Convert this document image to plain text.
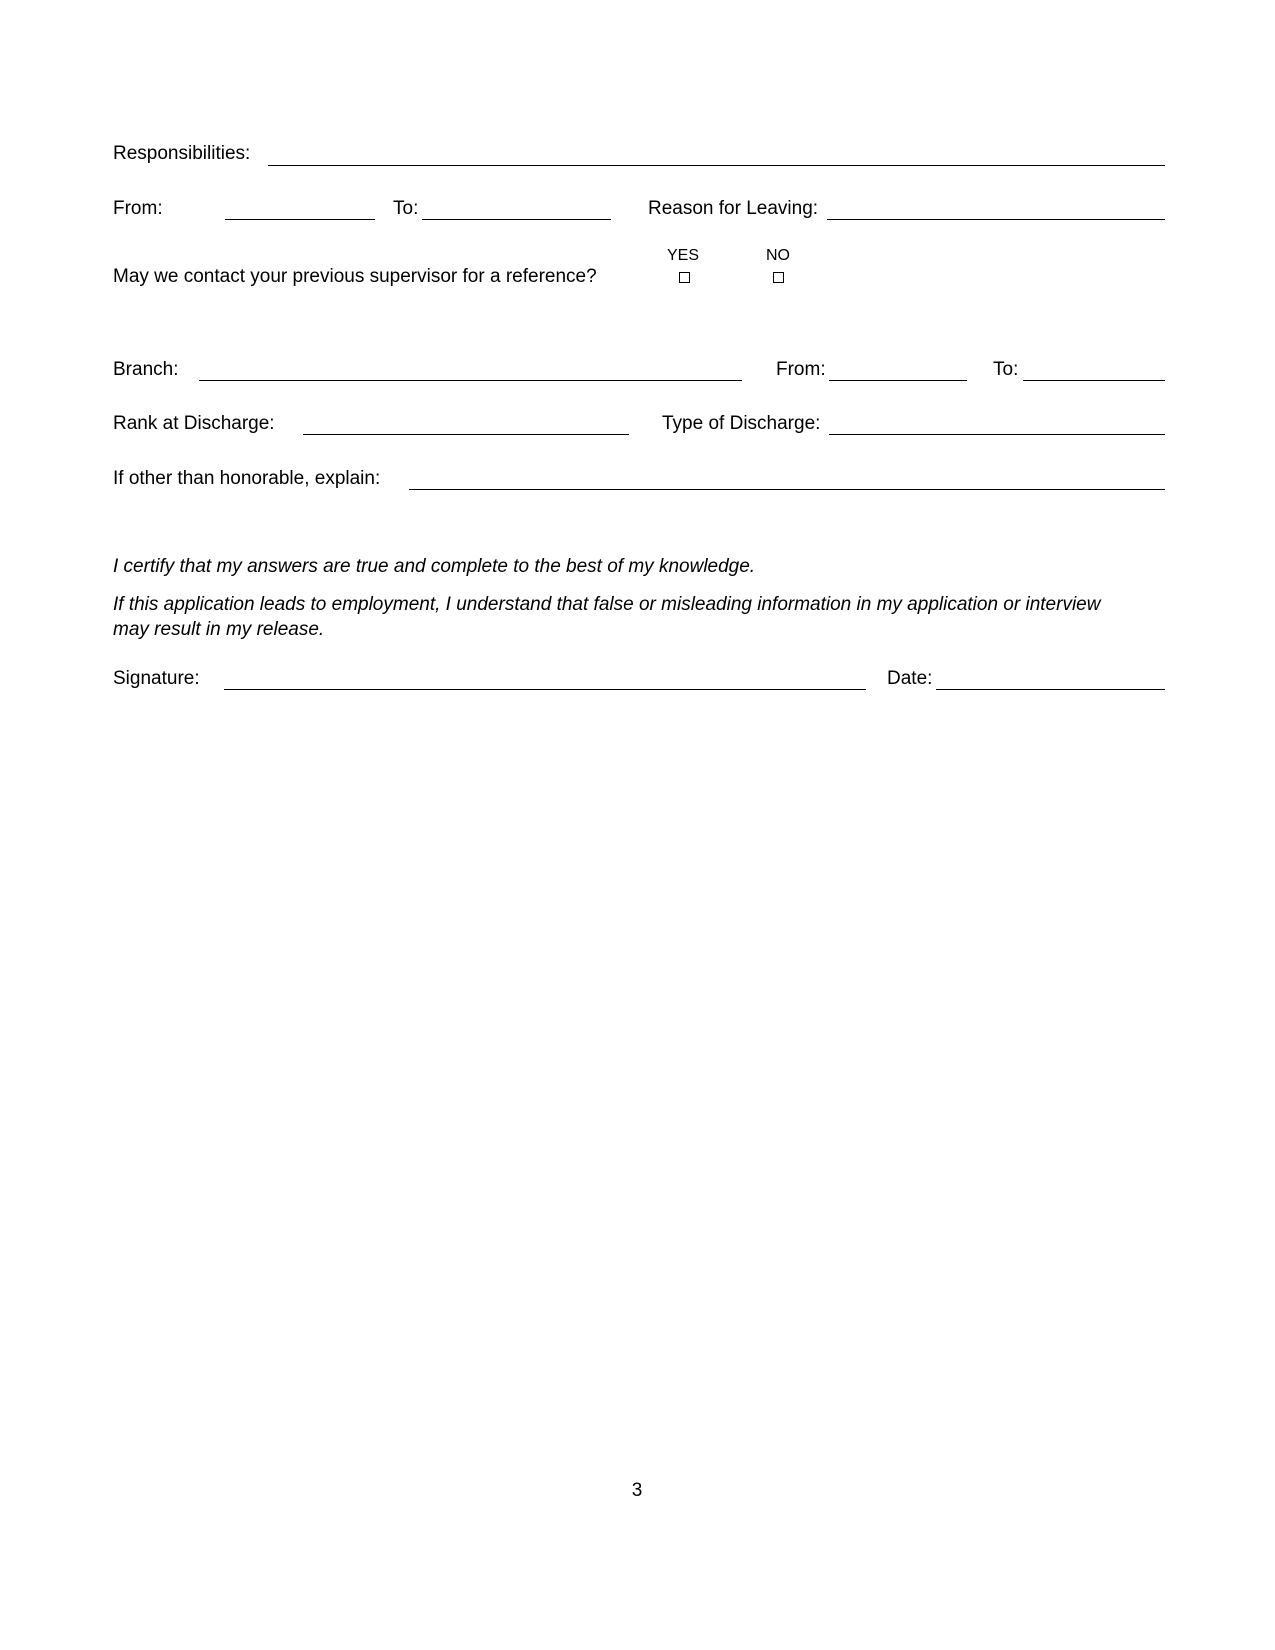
Responsibilities:
From:	To:	Reason for Leaving:
YES	NO
May we contact your previous supervisor for a reference?
Branch:	From:	To:
Rank at Discharge:	Type of Discharge:
If other than honorable, explain:
I certify that my answers are true and complete to the best of my knowledge.
If this application leads to employment, I understand that false or misleading information in my application or interview may result in my release.
Signature:	Date:
3
